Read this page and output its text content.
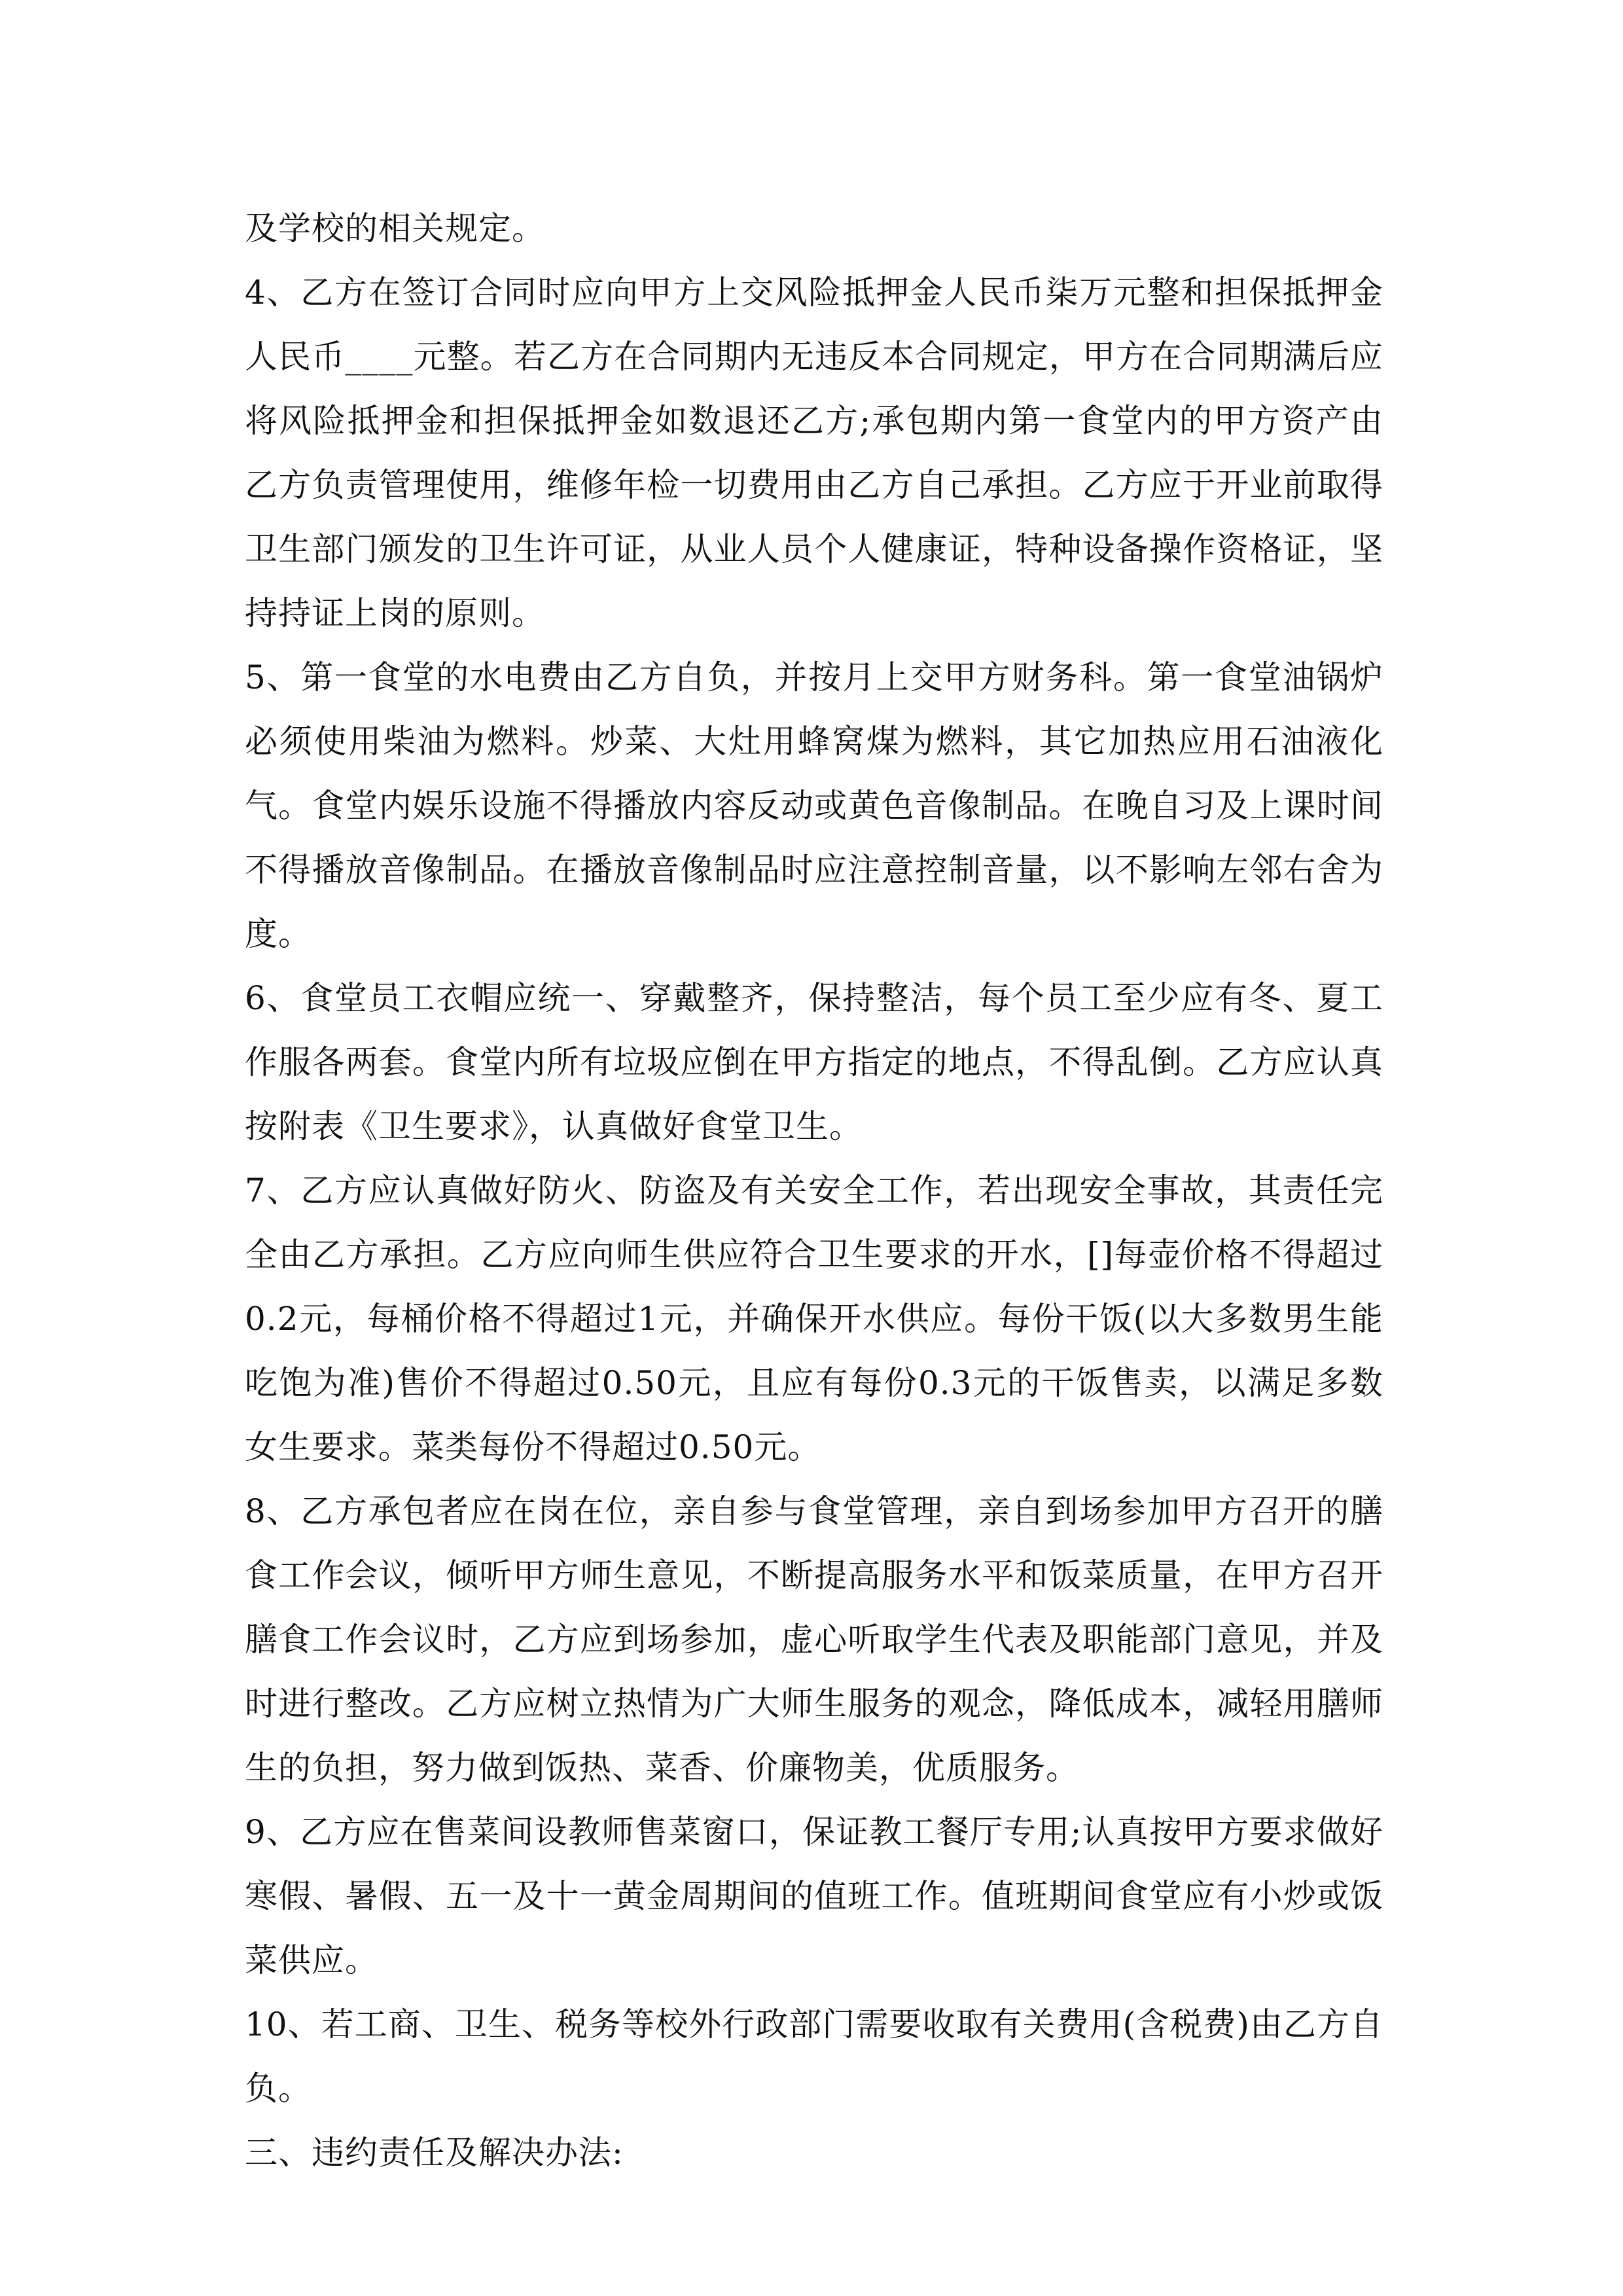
及学校的相关规定。

4、乙方在签订合同时应向甲方上交风险抵押金人民币柒万元整和担保抵押金人民币____元整。若乙方在合同期内无违反本合同规定，甲方在合同期满后应将风险抵押金和担保抵押金如数退还乙方;承包期内第一食堂内的甲方资产由乙方负责管理使用，维修年检一切费用由乙方自己承担。乙方应于开业前取得卫生部门颁发的卫生许可证，从业人员个人健康证，特种设备操作资格证，坚持持证上岗的原则。

5、第一食堂的水电费由乙方自负，并按月上交甲方财务科。第一食堂油锅炉必须使用柴油为燃料。炒菜、大灶用蜂窝煤为燃料，其它加热应用石油液化气。食堂内娱乐设施不得播放内容反动或黄色音像制品。在晚自习及上课时间不得播放音像制品。在播放音像制品时应注意控制音量，以不影响左邻右舍为度。

6、食堂员工衣帽应统一、穿戴整齐，保持整洁，每个员工至少应有冬、夏工作服各两套。食堂内所有垃圾应倒在甲方指定的地点，不得乱倒。乙方应认真按附表《卫生要求》，认真做好食堂卫生。

7、乙方应认真做好防火、防盗及有关安全工作，若出现安全事故，其责任完全由乙方承担。乙方应向师生供应符合卫生要求的开水，[]每壶价格不得超过0.2元，每桶价格不得超过1元，并确保开水供应。每份干饭(以大多数男生能吃饱为准)售价不得超过0.50元，且应有每份0.3元的干饭售卖，以满足多数女生要求。菜类每份不得超过0.50元。

8、乙方承包者应在岗在位，亲自参与食堂管理，亲自到场参加甲方召开的膳食工作会议，倾听甲方师生意见，不断提高服务水平和饭菜质量，在甲方召开膳食工作会议时，乙方应到场参加，虚心听取学生代表及职能部门意见，并及时进行整改。乙方应树立热情为广大师生服务的观念，降低成本，减轻用膳师生的负担，努力做到饭热、菜香、价廉物美，优质服务。

9、乙方应在售菜间设教师售菜窗口，保证教工餐厅专用;认真按甲方要求做好寒假、暑假、五一及十一黄金周期间的值班工作。值班期间食堂应有小炒或饭菜供应。

10、若工商、卫生、税务等校外行政部门需要收取有关费用(含税费)由乙方自负。

三、违约责任及解决办法:
